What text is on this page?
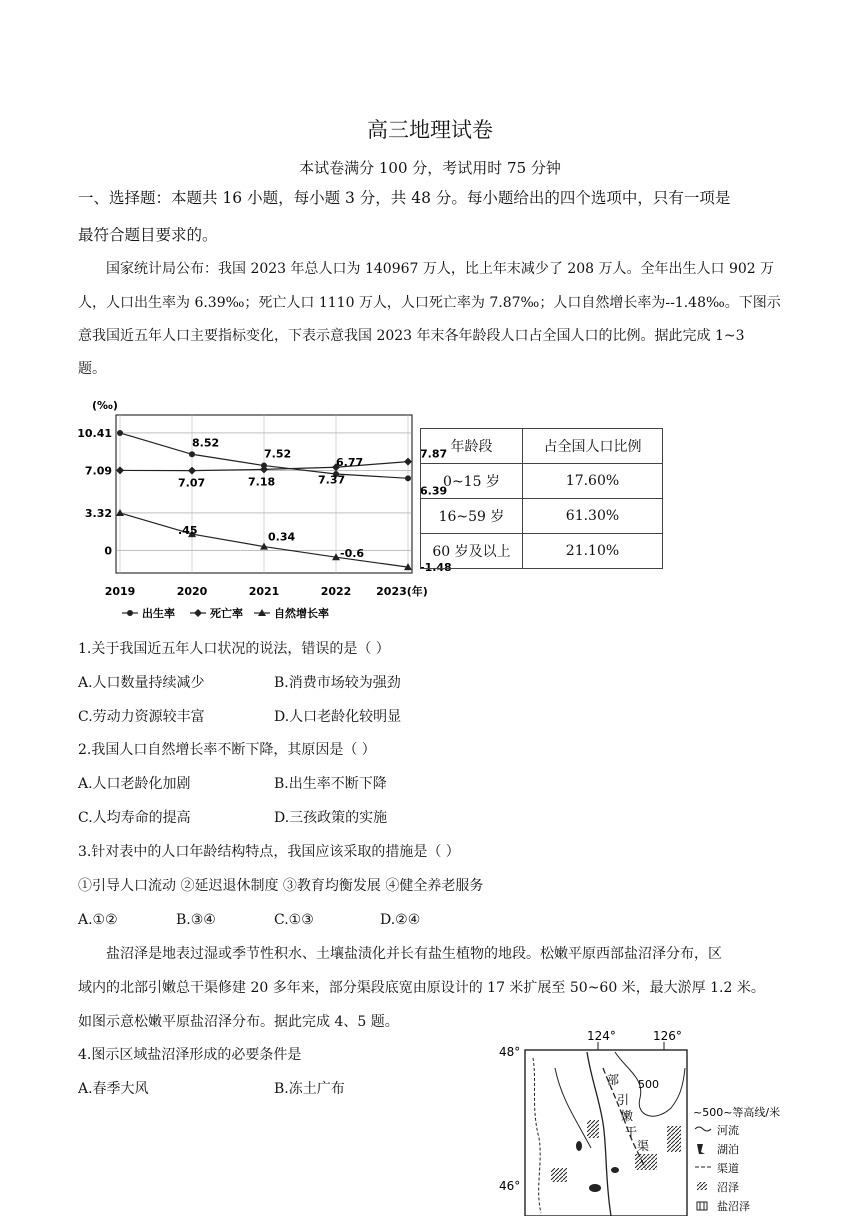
高三地理试卷
本试卷满分 100 分，考试用时 75 分钟
一、选择题：本题共 16 小题，每小题 3 分，共 48 分。每小题给出的四个选项中，只有一项是
最符合题目要求的。
国家统计局公布：我国 2023 年总人口为 140967 万人，比上年末减少了 208 万人。全年出生人口 902 万
人，人口出生率为 6.39‰；死亡人口 1110 万人，人口死亡率为 7.87‰；人口自然增长率为--1.48‰。下图示
意我国近五年人口主要指标变化，下表示意我国 2023 年末各年龄段人口占全国人口的比例。据此完成 1~3
题。
10.41
7.09
3.32
0
(‰)
2019	2020	2021	2022 2023(年)
8.52
7.52
6.77
6.39
7.07	7.18	7.37
7.87
.45
0.34
-0.6
-1.48
出生率	死亡率	自然增长率
年龄段	占全国人口比例
0~15 岁	17.60%
16~59 岁	61.30%
60 岁及以上	21.10%
1.关于我国近五年人口状况的说法，错误的是（ ）
A.人口数量持续减少	B.消费市场较为强劲
C.劳动力资源较丰富	D.人口老龄化较明显
2.我国人口自然增长率不断下降，其原因是（ ）
A.人口老龄化加剧	B.出生率不断下降
C.人均寿命的提高	D.三孩政策的实施
3.针对表中的人口年龄结构特点，我国应该采取的措施是（ ）
①引导人口流动 ②延迟退休制度 ③教育均衡发展 ④健全养老服务
A.①②	B.③④	C.①③	D.②④
盐沼泽是地表过湿或季节性积水、土壤盐渍化并长有盐生植物的地段。松嫩平原西部盐沼泽分布，区
域内的北部引嫩总干渠修建 20 多年来，部分渠段底宽由原设计的 17 米扩展至 50~60 米，最大淤厚 1.2 米。
如图示意松嫩平原盐沼泽分布。据此完成 4、5 题。
4.图示区域盐沼泽形成的必要条件是
A.春季大风	B.冻土广布
124°	126°
48°
46°
500
引
嫩
干
部
渠
~500~等高线/米
河流
湖泊
渠道
沼泽
盐沼泽
